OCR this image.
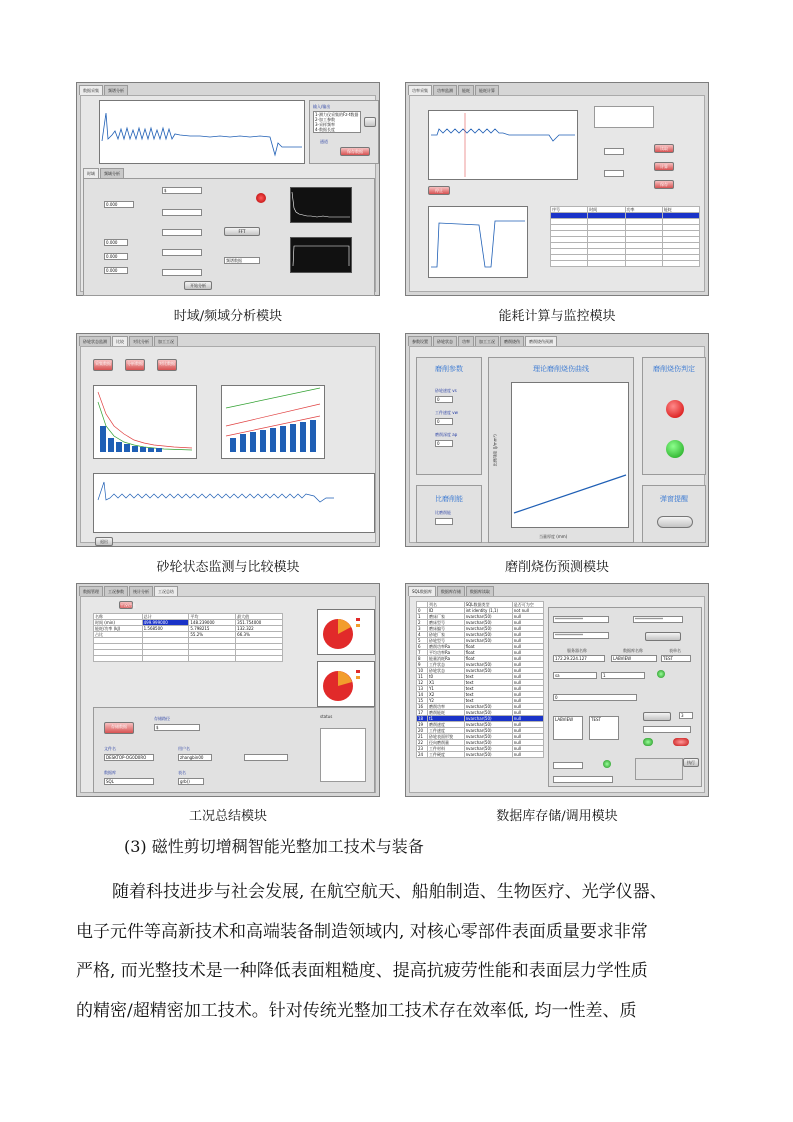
数据采集	频谱分析
输入/输出
1-测力仪采集的Fz-t数据
2-加工参数
3-采样频率
4-数据长度
通道
保存数据
时域	频域分析
0.000
0.000
0.000
0.000
$
频谱数据
FFT
开始分析
功率采集	功率监测	能耗	能耗计算
停止
读取
计算
保存
序号	时间	功率	能耗

砂轮状态监测	比较	对比分析	加工工况
采集数据	分析数据	对比数据
退出
参数设置	砂轮状态	功率	加工工况	磨削烧伤	磨削烧伤预测
磨削参数
砂轮速度 vs
0
工件速度 vw
0
磨削深度 ap
0
比磨削能
比磨削能
理论磨削烧伤曲线
比磨削能 (J/mm³)
当量厚度 (mm)
磨削烧伤判定
弹窗提醒
数据管理	工况参数	统计分析	工况总结
工况信息
名称	总计	平均	最大值
时间 (min)	499.999000	148.239000	351.754000
能耗/功率 (kJ)	1.568500	5.798215	132.322
占比		55.2%	66.3%

存储数据
存储路径
$
文件名
DESKTOP-OG0D0RO
用户名
zhangbin00
数据库
SQL
表名
grb()
status
SQL数据库	数据库存储	数据库读取
	列名	SQL数据类型	是否可为空
0	ID	int identity (1,1)	not null
1	磨床厂家	nvarchar(50)	null
2	磨床型号	nvarchar(50)	null
3	磨床编号	nvarchar(50)	null
4	砂轮厂家	nvarchar(50)	null
5	砂轮型号	nvarchar(50)	null
6	磨削功率Ra	float	null
7	平均功率Ra	float	null
8	能量消耗Ra	float	null
9	工件状态	nvarchar(50)	null
10	砂轮状态	nvarchar(50)	null
11	t0	text	null
12	X1	text	null
13	Y1	text	null
14	X2	text	null
15	Y2	text	null
16	磨削功率	nvarchar(50)	null
17	磨削能耗	nvarchar(50)	null
18	t1	nvarchar(50)	null
19	磨削速度	nvarchar(50)	null
20	工件速度	nvarchar(50)	null
21	砂轮表面形貌	nvarchar(50)	null
22	径向磨削量	nvarchar(50)	null
23	工件材料	nvarchar(50)	null
24	工件硬度	nvarchar(50)	null
**************
**************
**************
服务器名称	数据库名称	表单名
172.29.224.127	LABVIEW	TEST
sa	1
0
LABVIEW	TEST
3
执行
时域/频域分析模块	能耗计算与监控模块
砂轮状态监测与比较模块	磨削烧伤预测模块
工况总结模块	数据库存储/调用模块
(3) 磁性剪切增稠智能光整加工技术与装备
随着科技进步与社会发展, 在航空航天、船舶制造、生物医疗、光学仪器、
电子元件等高新技术和高端装备制造领域内, 对核心零部件表面质量要求非常
严格, 而光整技术是一种降低表面粗糙度、提高抗疲劳性能和表面层力学性质
的精密/超精密加工技术。针对传统光整加工技术存在效率低, 均一性差、质
